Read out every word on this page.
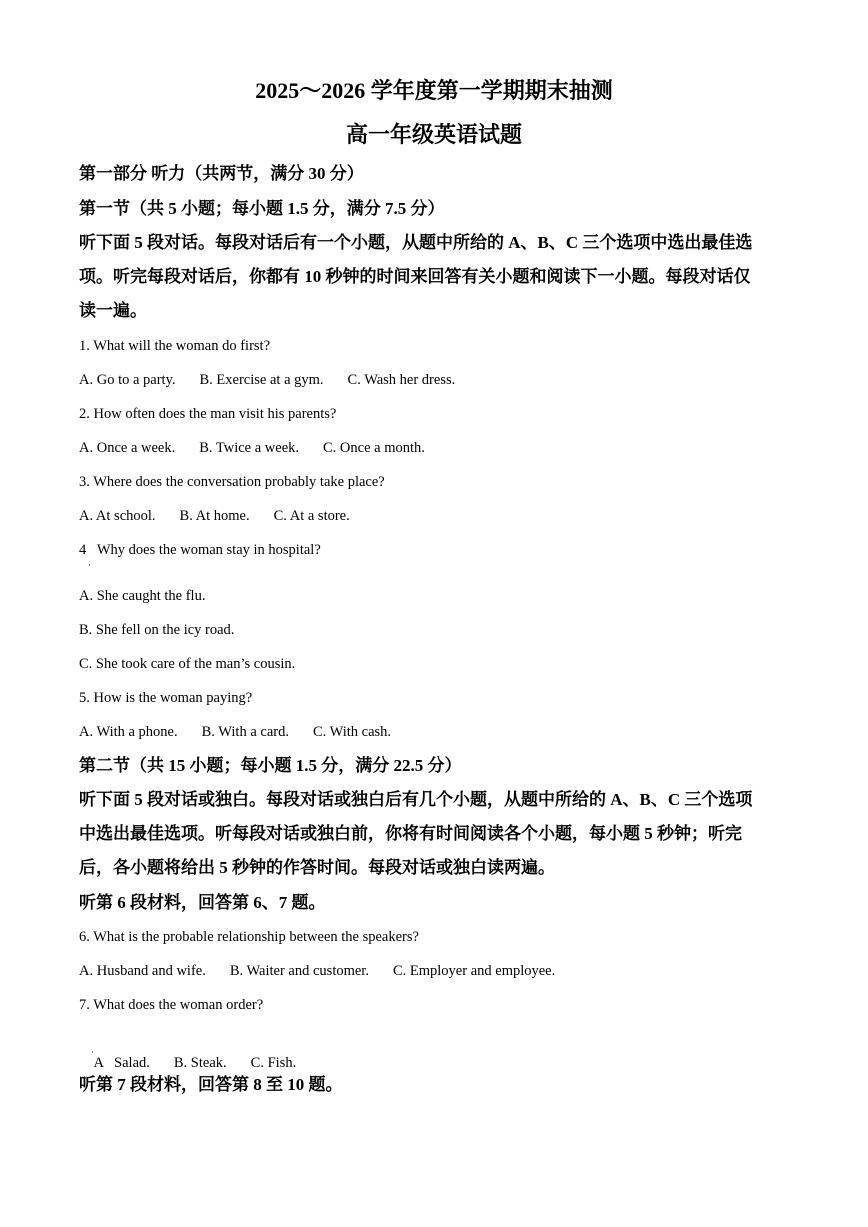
2025～2026 学年度第一学期期末抽测
高一年级英语试题
第一部分 听力（共两节，满分 30 分）
第一节（共 5 小题；每小题 1.5 分，满分 7.5 分）
听下面 5 段对话。每段对话后有一个小题，从题中所给的 A、B、C 三个选项中选出最佳选
项。听完每段对话后，你都有 10 秒钟的时间来回答有关小题和阅读下一小题。每段对话仅
读一遍。
1. What will the woman do first?
A. Go to a party. B. Exercise at a gym. C. Wash her dress.
2. How often does the man visit his parents?
A. Once a week. B. Twice a week. C. Once a month.
3. Where does the conversation probably take place?
A. At school. B. At home. C. At a store.
4   Why does the woman stay in hospital?
·
A. She caught the flu.
B. She fell on the icy road.
C. She took care of the man’s cousin.
5. How is the woman paying?
A. With a phone. B. With a card. C. With cash.
第二节（共 15 小题；每小题 1.5 分，满分 22.5 分）
听下面 5 段对话或独白。每段对话或独白后有几个小题，从题中所给的 A、B、C 三个选项
中选出最佳选项。听每段对话或独白前，你将有时间阅读各个小题，每小题 5 秒钟；听完
后，各小题将给出 5 秒钟的作答时间。每段对话或独白读两遍。
听第 6 段材料，回答第 6、7 题。
6. What is the probable relationship between the speakers?
A. Husband and wife. B. Waiter and customer. C. Employer and employee.
7. What does the woman order?

A   Salad. B. Steak. C. Fish.

·
听第 7 段材料，回答第 8 至 10 题。
